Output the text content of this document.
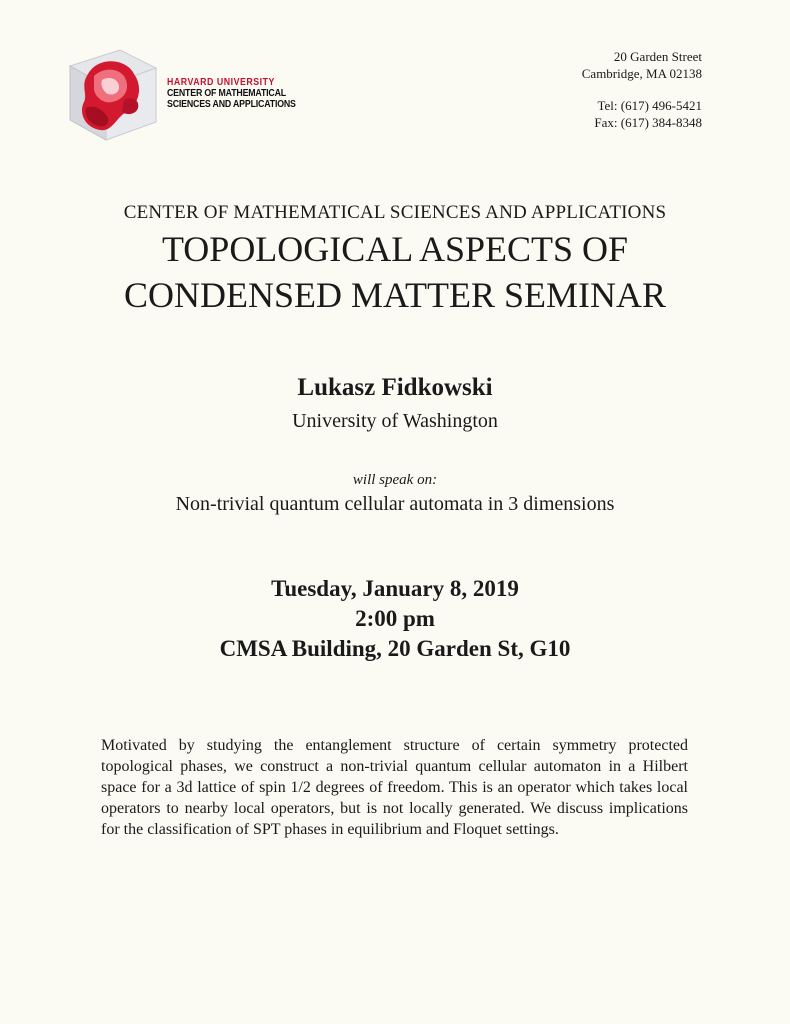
HARVARD UNIVERSITY
CENTER OF MATHEMATICAL
SCIENCES AND APPLICATIONS
20 Garden Street
Cambridge, MA 02138
Tel: (617) 496-5421
Fax: (617) 384-8348
CENTER OF MATHEMATICAL SCIENCES AND APPLICATIONS
TOPOLOGICAL ASPECTS OF
CONDENSED MATTER SEMINAR
Lukasz Fidkowski
University of Washington
will speak on:
Non-trivial quantum cellular automata in 3 dimensions
Tuesday, January 8, 2019
2:00 pm
CMSA Building, 20 Garden St, G10
Motivated by studying the entanglement structure of certain symmetry protected topological phases, we construct a non-trivial quantum cellular automaton in a Hilbert space for a 3d lattice of spin 1/2 degrees of freedom. This is an operator which takes local operators to nearby local operators, but is not locally generated. We discuss implications for the classification of SPT phases in equilibrium and Floquet settings.
